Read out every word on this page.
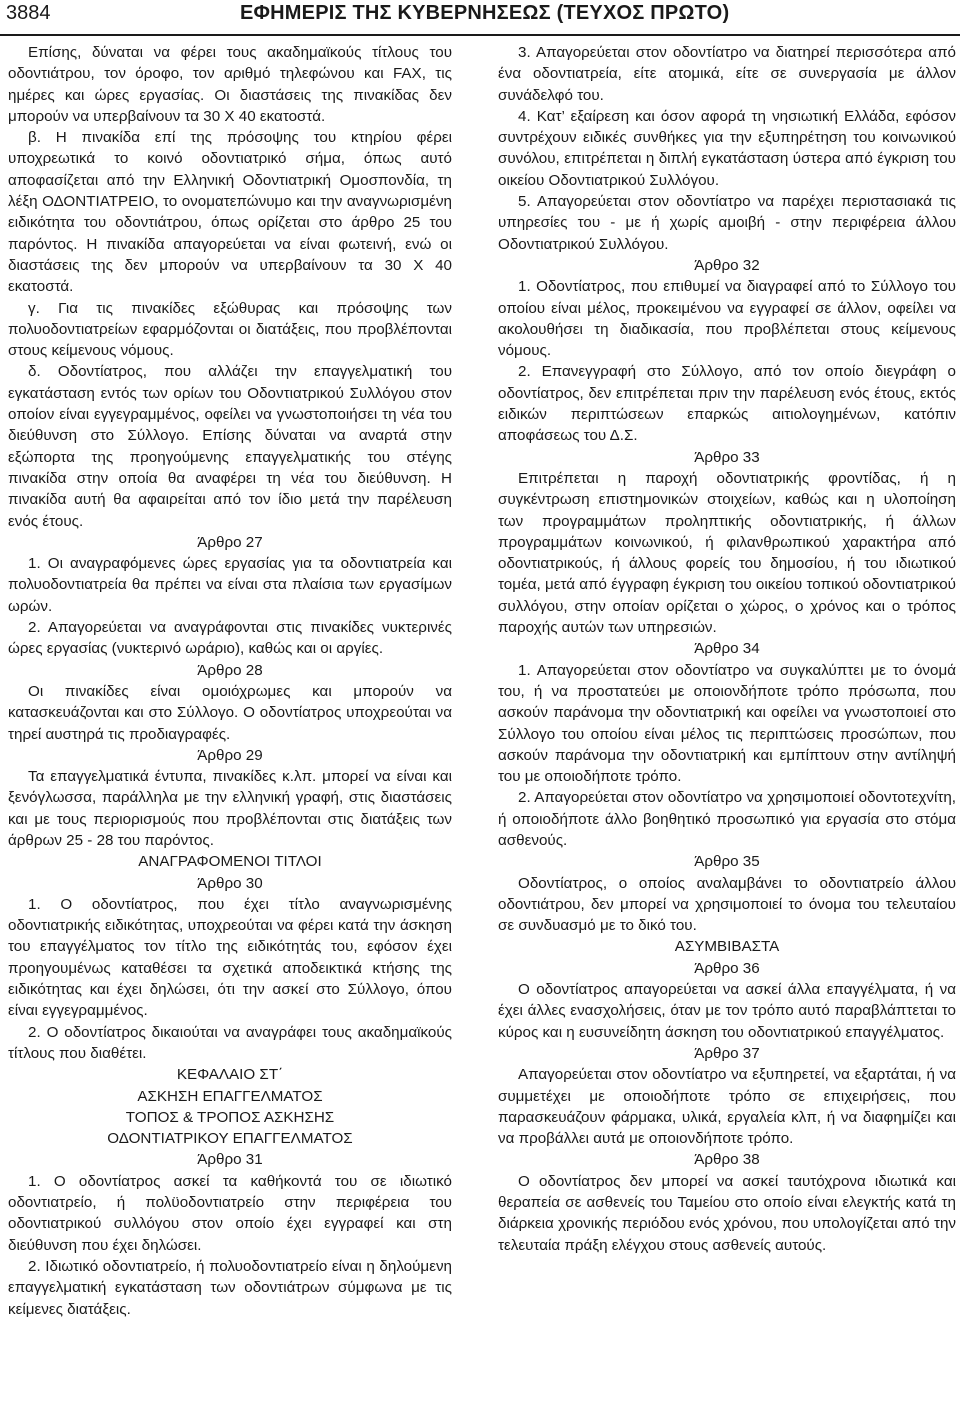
3884	ΕΦΗΜΕΡΙΣ ΤΗΣ ΚΥΒΕΡΝΗΣΕΩΣ (ΤΕΥΧΟΣ ΠΡΩΤΟ)

Επίσης, δύναται να φέρει τους ακαδημαϊκούς τίτλους του οδοντιάτρου, τον όροφο, τον αριθμό τηλεφώνου και FAX, τις ημέρες και ώρες εργασίας. Οι διαστάσεις της πινακίδας δεν μπορούν να υπερβαίνουν τα 30 Χ 40 εκατοστά.

β. Η πινακίδα επί της πρόσοψης του κτηρίου φέρει υποχρεωτικά το κοινό οδοντιατρικό σήμα, όπως αυτό αποφασίζεται από την Ελληνική Οδοντιατρική Ομοσπονδία, τη λέξη ΟΔΟΝΤΙΑΤΡΕΙΟ, το ονοματεπώνυμο και την αναγνωρισμένη ειδικότητα του οδοντιάτρου, όπως ορίζεται στο άρθρο 25 του παρόντος. Η πινακίδα απαγορεύεται να είναι φωτεινή, ενώ οι διαστάσεις της δεν μπορούν να υπερβαίνουν τα 30 Χ 40 εκατοστά.

γ. Για τις πινακίδες εξώθυρας και πρόσοψης των πολυοδοντιατρείων εφαρμόζονται οι διατάξεις, που προβλέπονται στους κείμενους νόμους.

δ. Οδοντίατρος, που αλλάζει την επαγγελματική του εγκατάσταση εντός των ορίων του Οδοντιατρικού Συλλόγου στον οποίον είναι εγγεγραμμένος, οφείλει να γνωστοποιήσει τη νέα του διεύθυνση στο Σύλλογο. Επίσης δύναται να αναρτά στην εξώπορτα της προηγούμενης επαγγελματικής του στέγης πινακίδα στην οποία θα αναφέρει τη νέα του διεύθυνση. Η πινακίδα αυτή θα αφαιρείται από τον ίδιο μετά την παρέλευση ενός έτους.

Άρθρο 27

1. Οι αναγραφόμενες ώρες εργασίας για τα οδοντιατρεία και πολυοδοντιατρεία θα πρέπει να είναι στα πλαίσια των εργασίμων ωρών.

2. Απαγορεύεται να αναγράφονται στις πινακίδες νυκτερινές ώρες εργασίας (νυκτερινό ωράριο), καθώς και οι αργίες.

Άρθρο 28

Οι πινακίδες είναι ομοιόχρωμες και μπορούν να κατασκευάζονται και στο Σύλλογο. Ο οδοντίατρος υποχρεούται να τηρεί αυστηρά τις προδιαγραφές.

Άρθρο 29

Τα επαγγελματικά έντυπα, πινακίδες κ.λπ. μπορεί να είναι και ξενόγλωσσα, παράλληλα με την ελληνική γραφή, στις διαστάσεις και με τους περιορισμούς που προβλέπονται στις διατάξεις των άρθρων 25 - 28 του παρόντος.

ΑΝΑΓΡΑΦΟΜΕΝΟΙ ΤΙΤΛΟΙ
Άρθρο 30

1. Ο οδοντίατρος, που έχει τίτλο αναγνωρισμένης οδοντιατρικής ειδικότητας, υποχρεούται να φέρει κατά την άσκηση του επαγγέλματος τον τίτλο της ειδικότητάς του, εφόσον έχει προηγουμένως καταθέσει τα σχετικά αποδεικτικά κτήσης της ειδικότητας και έχει δηλώσει, ότι την ασκεί στο Σύλλογο, όπου είναι εγγεγραμμένος.

2. Ο οδοντίατρος δικαιούται να αναγράφει τους ακαδημαϊκούς τίτλους που διαθέτει.

ΚΕΦΑΛΑΙΟ ΣΤ΄
ΑΣΚΗΣΗ ΕΠΑΓΓΕΛΜΑΤΟΣ
ΤΟΠΟΣ & ΤΡΟΠΟΣ ΑΣΚΗΣΗΣ
ΟΔΟΝΤΙΑΤΡΙΚΟΥ ΕΠΑΓΓΕΛΜΑΤΟΣ
Άρθρο 31

1. Ο οδοντίατρος ασκεί τα καθήκοντά του σε ιδιωτικό οδοντιατρείο, ή πολϋοδοντιατρείο στην περιφέρεια του οδοντιατρικού συλλόγου στον οποίο έχει εγγραφεί και στη διεύθυνση που έχει δηλώσει.

2. Ιδιωτικό οδοντιατρείο, ή πολυοδοντιατρείο είναι η δηλούμενη επαγγελματική εγκατάσταση των οδοντιάτρων σύμφωνα με τις κείμενες διατάξεις.

3. Απαγορεύεται στον οδοντίατρο να διατηρεί περισσότερα από ένα οδοντιατρεία, είτε ατομικά, είτε σε συνεργασία με άλλον συνάδελφό του.

4. Κατ’ εξαίρεση και όσον αφορά τη νησιωτική Ελλάδα, εφόσον συντρέχουν ειδικές συνθήκες για την εξυπηρέτηση του κοινωνικού συνόλου, επιτρέπεται η διπλή εγκατάσταση ύστερα από έγκριση του οικείου Οδοντιατρικού Συλλόγου.

5. Απαγορεύεται στον οδοντίατρο να παρέχει περιστασιακά τις υπηρεσίες του - με ή χωρίς αμοιβή - στην περιφέρεια άλλου Οδοντιατρικού Συλλόγου.

Άρθρο 32

1. Οδοντίατρος, που επιθυμεί να διαγραφεί από το Σύλλογο του οποίου είναι μέλος, προκειμένου να εγγραφεί σε άλλον, οφείλει να ακολουθήσει τη διαδικασία, που προβλέπεται στους κείμενους νόμους.

2. Επανεγγραφή στο Σύλλογο, από τον οποίο διεγράφη ο οδοντίατρος, δεν επιτρέπεται πριν την παρέλευση ενός έτους, εκτός ειδικών περιπτώσεων επαρκώς αιτιολογημένων, κατόπιν αποφάσεως του Δ.Σ.

Άρθρο 33

Επιτρέπεται η παροχή οδοντιατρικής φροντίδας, ή η συγκέντρωση επιστημονικών στοιχείων, καθώς και η υλοποίηση των προγραμμάτων προληπτικής οδοντιατρικής, ή άλλων προγραμμάτων κοινωνικού, ή φιλανθρωπικού χαρακτήρα από οδοντιατρικούς, ή άλλους φορείς του δημοσίου, ή του ιδιωτικού τομέα, μετά από έγγραφη έγκριση του οικείου τοπικού οδοντιατρικού συλλόγου, στην οποίαν ορίζεται ο χώρος, ο χρόνος και ο τρόπος παροχής αυτών των υπηρεσιών.

Άρθρο 34

1. Απαγορεύεται στον οδοντίατρο να συγκαλύπτει με το όνομά του, ή να προστατεύει με οποιονδήποτε τρόπο πρόσωπα, που ασκούν παράνομα την οδοντιατρική και οφείλει να γνωστοποιεί στο Σύλλογο του οποίου είναι μέλος τις περιπτώσεις προσώπων, που ασκούν παράνομα την οδοντιατρική και εμπίπτουν στην αντίληψή του με οποιοδήποτε τρόπο.

2. Απαγορεύεται στον οδοντίατρο να χρησιμοποιεί οδοντοτεχνίτη, ή οποιοδήποτε άλλο βοηθητικό προσωπικό για εργασία στο στόμα ασθενούς.

Άρθρο 35

Οδοντίατρος, ο οποίος αναλαμβάνει το οδοντιατρείο άλλου οδοντιάτρου, δεν μπορεί να χρησιμοποιεί το όνομα του τελευταίου σε συνδυασμό με το δικό του.

ΑΣΥΜΒΙΒΑΣΤΑ
Άρθρο 36

Ο οδοντίατρος απαγορεύεται να ασκεί άλλα επαγγέλματα, ή να έχει άλλες ενασχολήσεις, όταν με τον τρόπο αυτό παραβλάπτεται το κύρος και η ευσυνείδητη άσκηση του οδοντιατρικού επαγγέλματος.

Άρθρο 37

Απαγορεύεται στον οδοντίατρο να εξυπηρετεί, να εξαρτάται, ή να συμμετέχει με οποιοδήποτε τρόπο σε επιχειρήσεις, που παρασκευάζουν φάρμακα, υλικά, εργαλεία κλπ, ή να διαφημίζει και να προβάλλει αυτά με οποιονδήποτε τρόπο.

Άρθρο 38

Ο οδοντίατρος δεν μπορεί να ασκεί ταυτόχρονα ιδιωτικά και θεραπεία σε ασθενείς του Ταμείου στο οποίο είναι ελεγκτής κατά τη διάρκεια χρονικής περιόδου ενός χρόνου, που υπολογίζεται από την τελευταία πράξη ελέγχου στους ασθενείς αυτούς.
